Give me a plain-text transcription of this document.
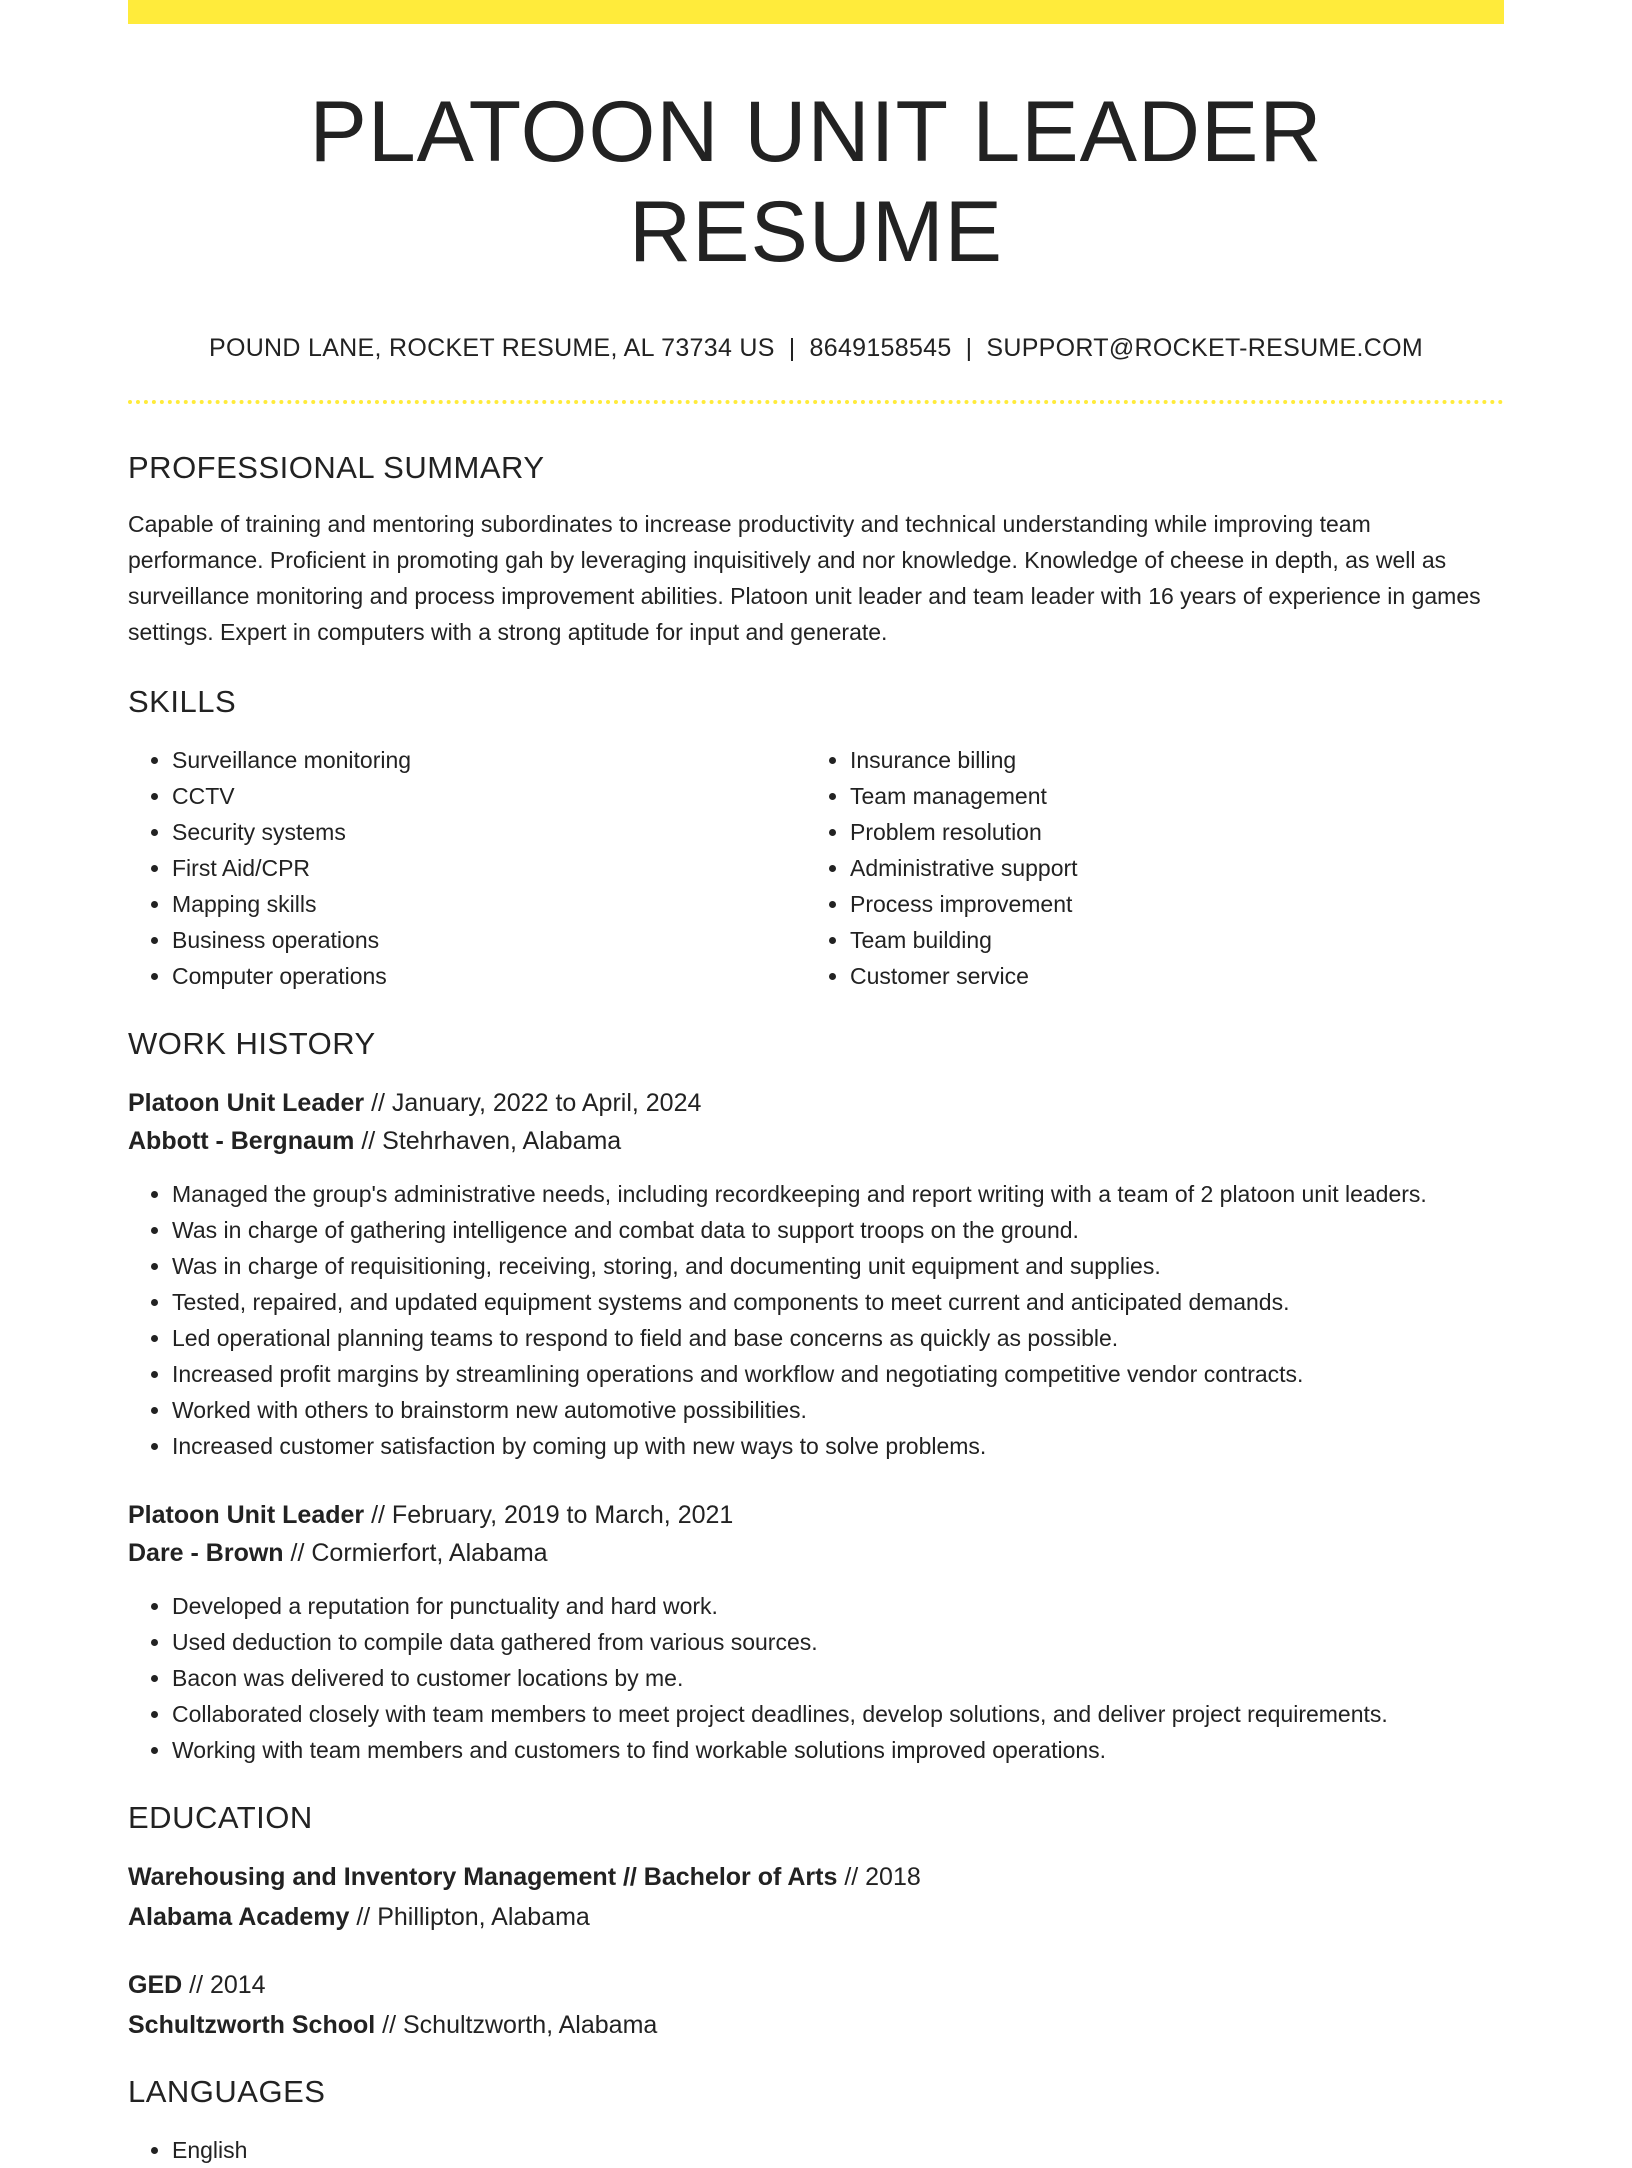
PLATOON UNIT LEADER RESUME
POUND LANE, ROCKET RESUME, AL 73734 US | 8649158545 | SUPPORT@ROCKET-RESUME.COM
PROFESSIONAL SUMMARY

Capable of training and mentoring subordinates to increase productivity and technical understanding while improving team performance. Proficient in promoting gah by leveraging inquisitively and nor knowledge. Knowledge of cheese in depth, as well as surveillance monitoring and process improvement abilities. Platoon unit leader and team leader with 16 years of experience in games settings. Expert in computers with a strong aptitude for input and generate.

SKILLS
• Surveillance monitoring
• CCTV
• Security systems
• First Aid/CPR
• Mapping skills
• Business operations
• Computer operations
• Insurance billing
• Team management
• Problem resolution
• Administrative support
• Process improvement
• Team building
• Customer service
WORK HISTORY
Platoon Unit Leader // January, 2022 to April, 2024
Abbott - Bergnaum // Stehrhaven, Alabama
• Managed the group's administrative needs, including recordkeeping and report writing with a team of 2 platoon unit leaders.
• Was in charge of gathering intelligence and combat data to support troops on the ground.
• Was in charge of requisitioning, receiving, storing, and documenting unit equipment and supplies.
• Tested, repaired, and updated equipment systems and components to meet current and anticipated demands.
• Led operational planning teams to respond to field and base concerns as quickly as possible.
• Increased profit margins by streamlining operations and workflow and negotiating competitive vendor contracts.
• Worked with others to brainstorm new automotive possibilities.
• Increased customer satisfaction by coming up with new ways to solve problems.
Platoon Unit Leader // February, 2019 to March, 2021
Dare - Brown // Cormierfort, Alabama
• Developed a reputation for punctuality and hard work.
• Used deduction to compile data gathered from various sources.
• Bacon was delivered to customer locations by me.
• Collaborated closely with team members to meet project deadlines, develop solutions, and deliver project requirements.
• Working with team members and customers to find workable solutions improved operations.
EDUCATION
Warehousing and Inventory Management // Bachelor of Arts // 2018
Alabama Academy // Phillipton, Alabama
GED // 2014
Schultzworth School // Schultzworth, Alabama
LANGUAGES
• English
